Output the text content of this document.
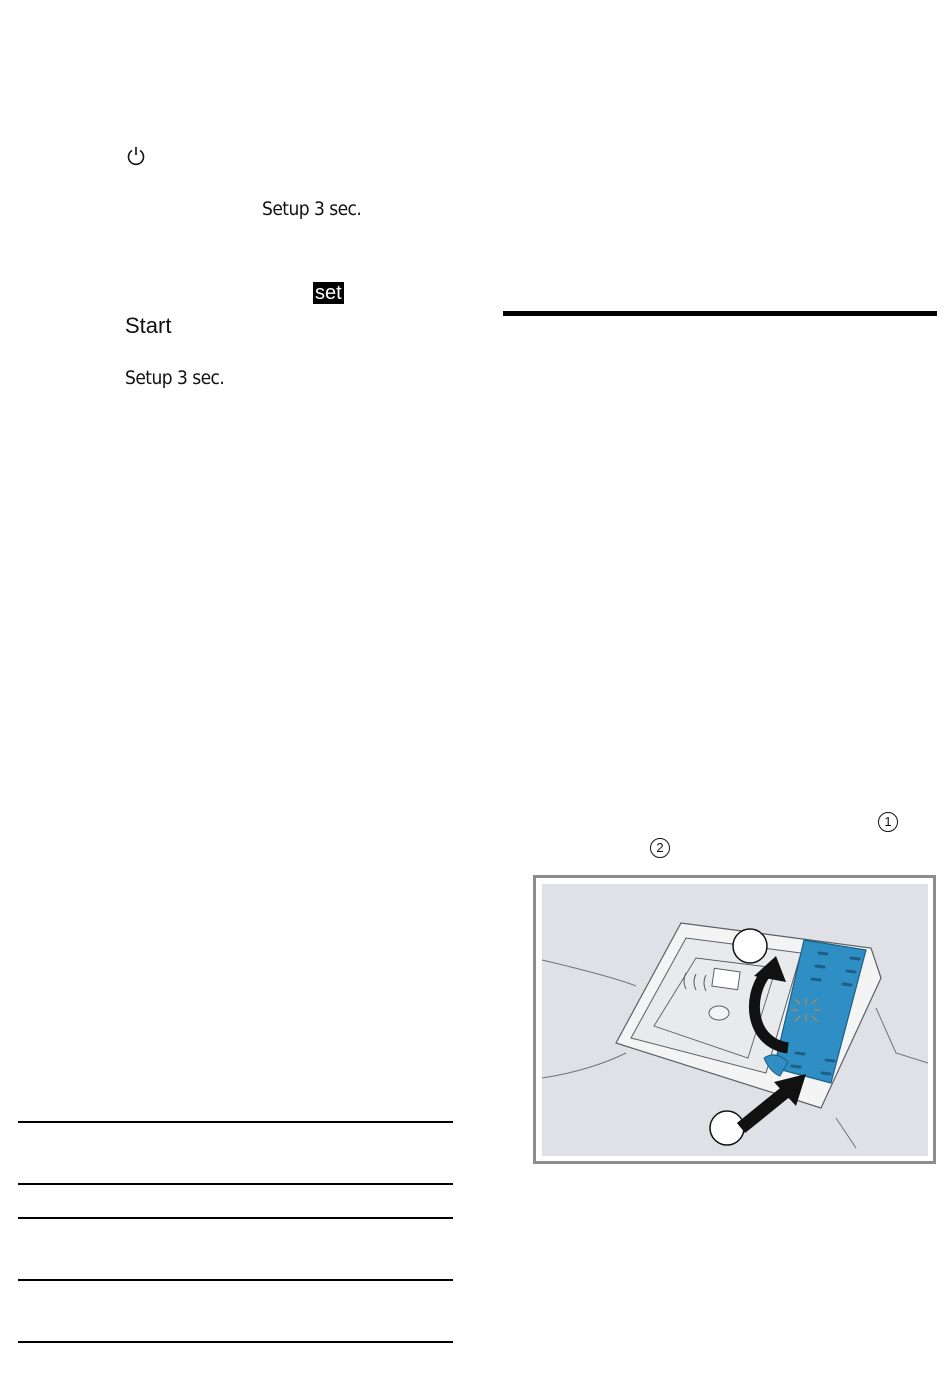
Setup 3 sec.
set
Start
Setup 3 sec.
1
2
